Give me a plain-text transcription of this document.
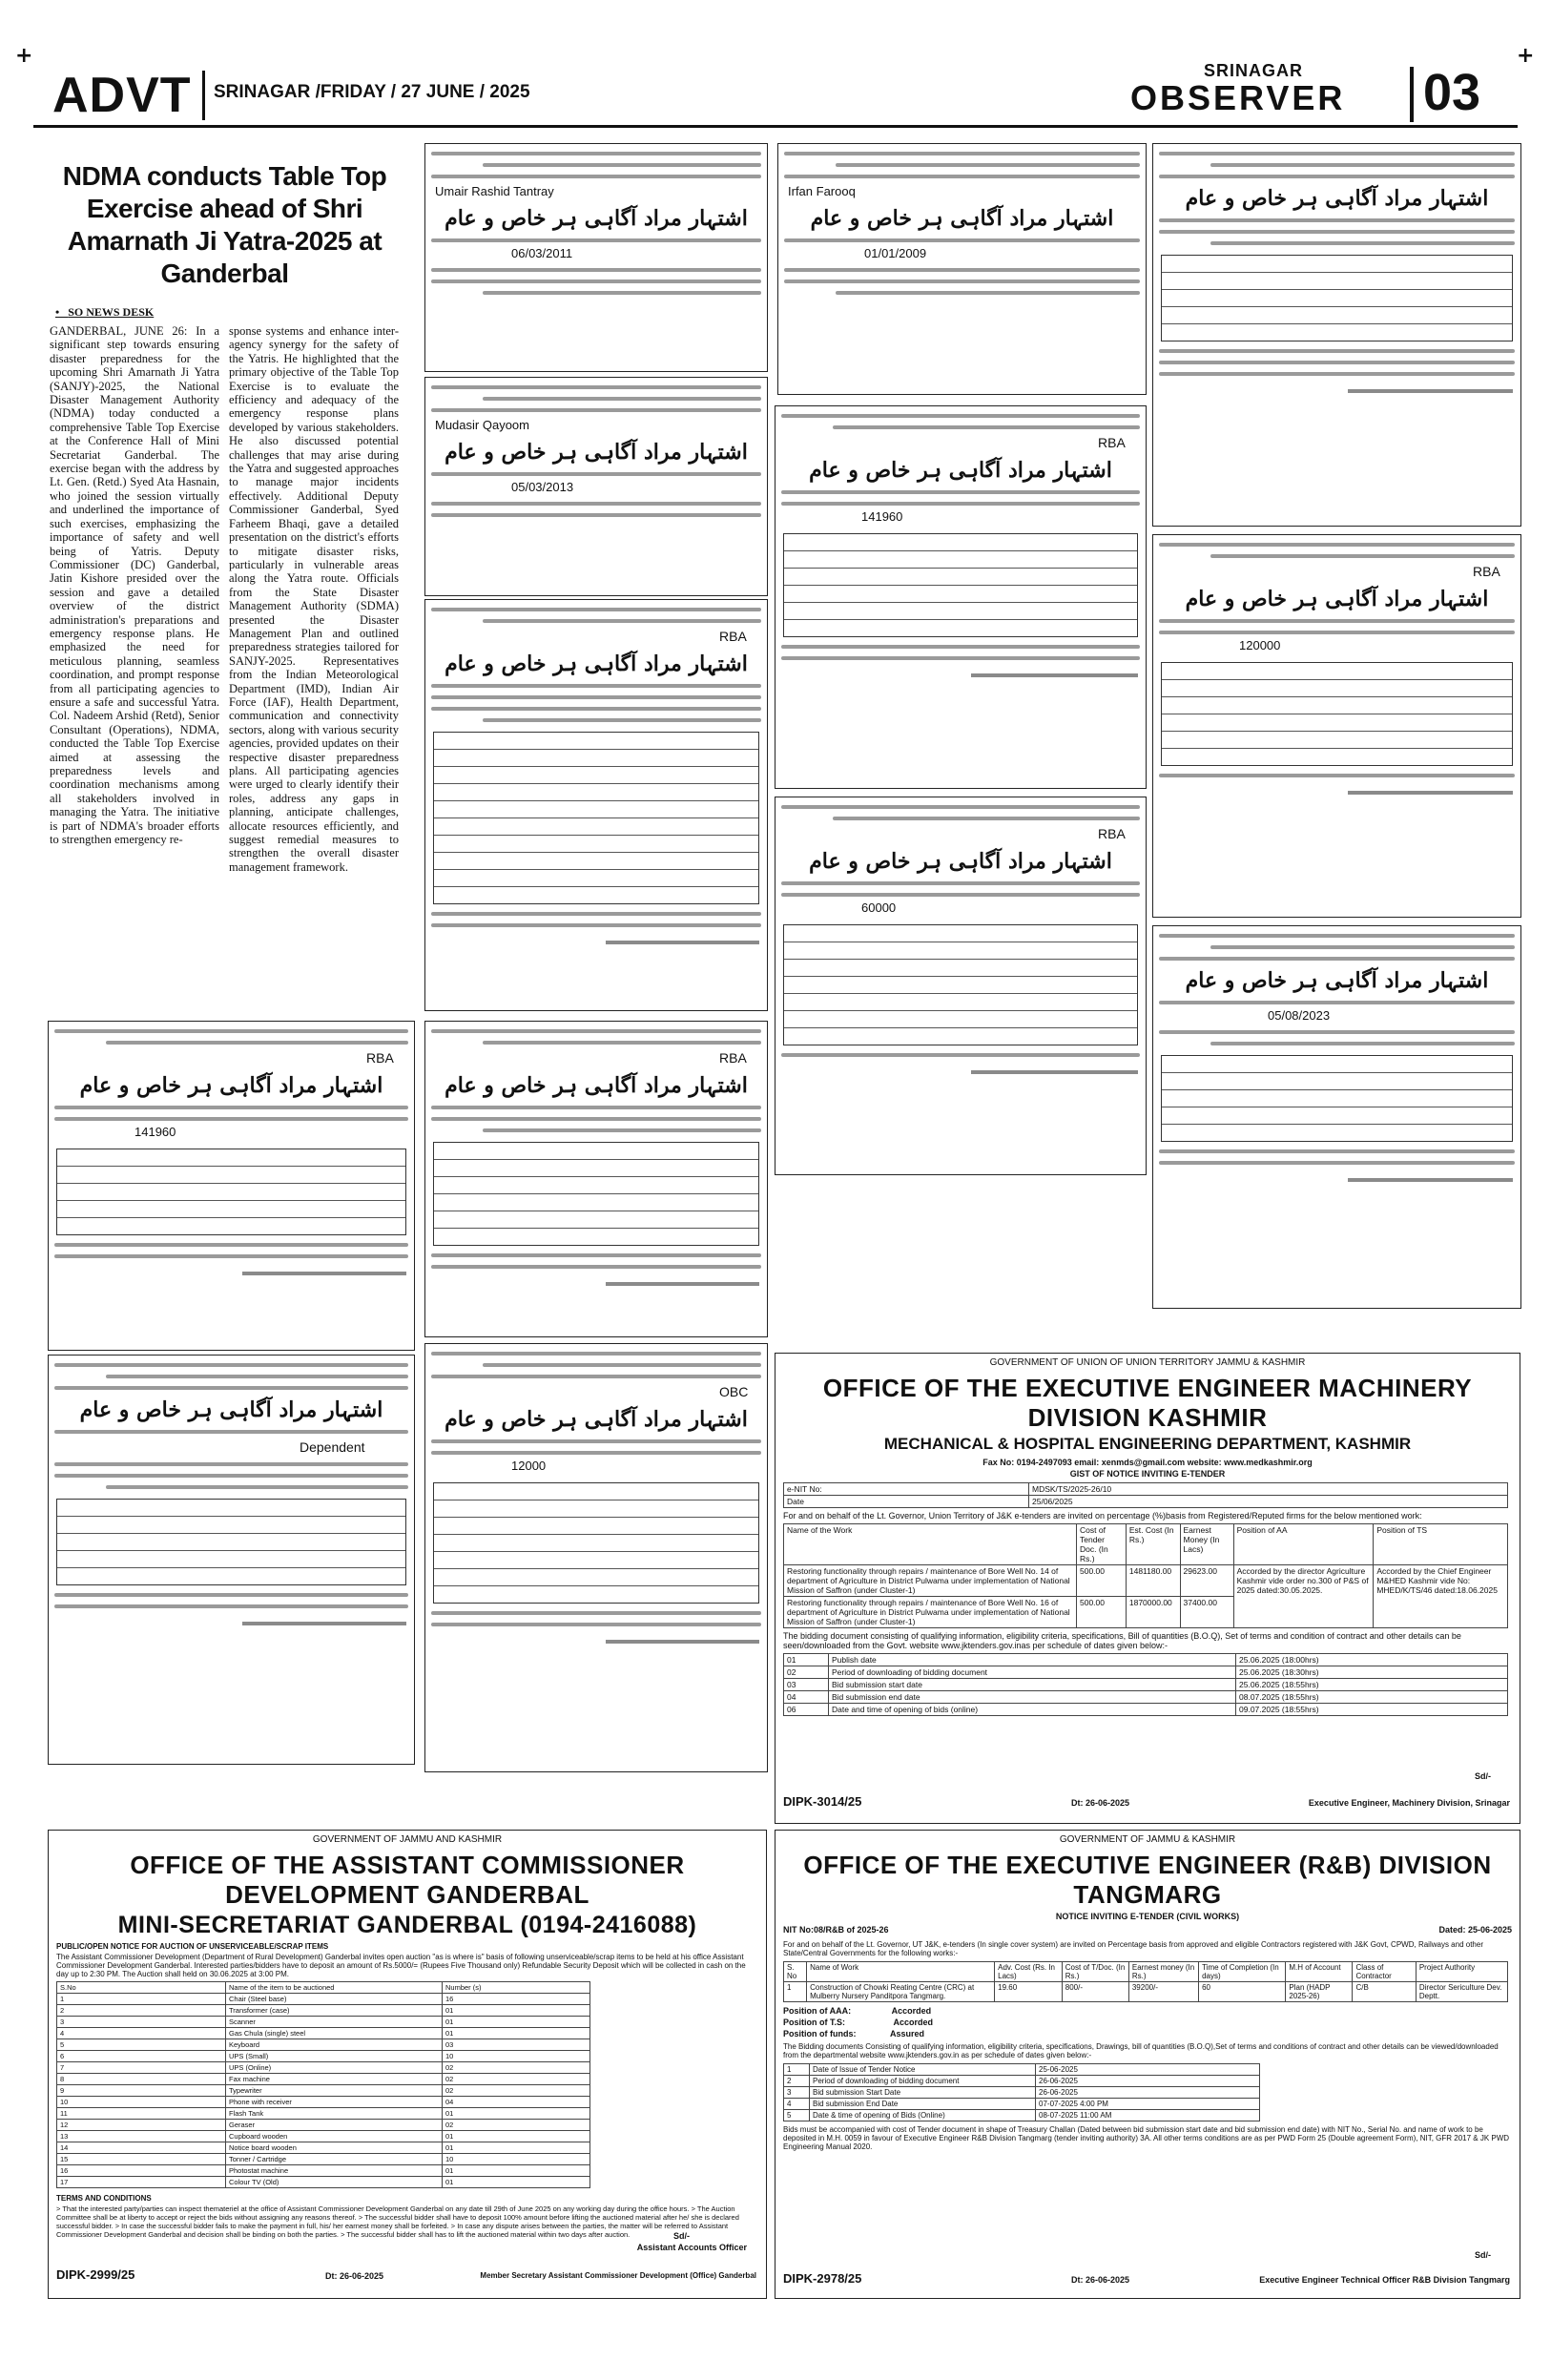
+	+
ADVT SRINAGAR /FRIDAY / 27 JUNE / 2025
SRINAGAR
OBSERVER 03
NDMA conducts Table Top Exercise ahead of Shri Amarnath Ji Yatra-2025 at Ganderbal
•   SO NEWS DESK
GANDERBAL, JUNE 26: In a significant step towards ensuring disaster preparedness for the upcoming Shri Amarnath Ji Yatra (SANJY)-2025, the National Disaster Management Authority (NDMA) today conducted a comprehensive Table Top Exercise at the Conference Hall of Mini Secretariat Ganderbal. The exercise began with the address by Lt. Gen. (Retd.) Syed Ata Hasnain, who joined the session virtually and underlined the importance of such exercises, emphasizing the importance of safety and well being of Yatris. Deputy Commissioner (DC) Ganderbal, Jatin Kishore presided over the session and gave a detailed overview of the district administration's preparations and emergency response plans. He emphasized the need for meticulous planning, seamless coordination, and prompt response from all participating agencies to ensure a safe and successful Yatra. Col. Nadeem Arshid (Retd), Senior Consultant (Operations), NDMA, conducted the Table Top Exercise aimed at assessing the preparedness levels and coordination mechanisms among all stakeholders involved in managing the Yatra. The initiative is part of NDMA's broader efforts to strengthen emergency re-
sponse systems and enhance inter-agency synergy for the safety of the Yatris. He highlighted that the primary objective of the Table Top Exercise is to evaluate the efficiency and adequacy of the emergency response plans developed by various stakeholders. He also discussed potential challenges that may arise during the Yatra and suggested approaches to manage major incidents effectively. Additional Deputy Commissioner Ganderbal, Syed Farheem Bhaqi, gave a detailed presentation on the district's efforts to mitigate disaster risks, particularly in vulnerable areas along the Yatra route. Officials from the State Disaster Management Authority (SDMA) presented the Disaster Management Plan and outlined preparedness strategies tailored for SANJY-2025. Representatives from the Indian Meteorological Department (IMD), Indian Air Force (IAF), Health Department, communication and connectivity sectors, along with various security agencies, provided updates on their respective disaster preparedness plans. All participating agencies were urged to clearly identify their roles, address any gaps in planning, anticipate challenges, allocate resources efficiently, and suggest remedial measures to strengthen the overall disaster management framework.
Umair Rashid Tantray
اشتہار مراد آگاہی ہر خاص و عام
06/03/2011
Mudasir Qayoom
اشتہار مراد آگاہی ہر خاص و عام
05/03/2013
RBA
اشتہار مراد آگاہی ہر خاص و عام
RBA
اشتہار مراد آگاہی ہر خاص و عام
RBA
اشتہار مراد آگاہی ہر خاص و عام
141960
اشتہار مراد آگاہی ہر خاص و عام
Dependent
OBC
اشتہار مراد آگاہی ہر خاص و عام
12000
Irfan Farooq
اشتہار مراد آگاہی ہر خاص و عام
01/01/2009
RBA
اشتہار مراد آگاہی ہر خاص و عام
141960
RBA
اشتہار مراد آگاہی ہر خاص و عام
60000
اشتہار مراد آگاہی ہر خاص و عام
RBA
اشتہار مراد آگاہی ہر خاص و عام
120000
اشتہار مراد آگاہی ہر خاص و عام
05/08/2023
GOVERNMENT OF UNION OF UNION TERRITORY JAMMU & KASHMIR
OFFICE OF THE EXECUTIVE ENGINEER MACHINERY DIVISION KASHMIR
MECHANICAL & HOSPITAL ENGINEERING DEPARTMENT, KASHMIR
Fax No: 0194-2497093 email: xenmds@gmail.com website: www.medkashmir.org
GIST OF NOTICE INVITING E-TENDER
e-NIT No:	MDSK/TS/2025-26/10
Date	25/06/2025
For and on behalf of the Lt. Governor, Union Territory of J&K e-tenders are invited on percentage (%)basis from Registered/Reputed firms for the below mentioned work:
Name of the Work	Cost of Tender Doc. (In Rs.)	Est. Cost (In Rs.)	Earnest Money (In Lacs)	Position of AA	Position of TS
Restoring functionality through repairs / maintenance of Bore Well No. 14 of department of Agriculture in District Pulwama under implementation of National Mission of Saffron (under Cluster-1)	500.00	1481180.00	29623.00	Accorded by the director Agriculture Kashmir vide order no.300 of P&S of 2025 dated:30.05.2025.	Accorded by the Chief Engineer M&HED Kashmir vide No: MHED/K/TS/46 dated:18.06.2025
Restoring functionality through repairs / maintenance of Bore Well No. 16 of department of Agriculture in District Pulwama under implementation of National Mission of Saffron (under Cluster-1)	500.00	1870000.00	37400.00		
The bidding document consisting of qualifying information, eligibility criteria, specifications, Bill of quantities (B.O.Q), Set of terms and condition of contract and other details can be seen/downloaded from the Govt. website www.jktenders.gov.inas per schedule of dates given below:-
01	Publish date	25.06.2025 (18:00hrs)
02	Period of downloading of bidding document	25.06.2025 (18:30hrs)
03	Bid submission start date	25.06.2025 (18:55hrs)
04	Bid submission end date	08.07.2025 (18:55hrs)
06	Date and time of opening of bids (online)	09.07.2025 (18:55hrs)
Sd/-
DIPK-3014/25	Dt: 26-06-2025	Executive Engineer, Machinery Division, Srinagar
GOVERNMENT OF JAMMU AND KASHMIR
OFFICE OF THE ASSISTANT COMMISSIONER DEVELOPMENT GANDERBAL
MINI-SECRETARIAT GANDERBAL (0194-2416088)
PUBLIC/OPEN NOTICE FOR AUCTION OF UNSERVICEABLE/SCRAP ITEMS
The Assistant Commissioner Development (Department of Rural Development) Ganderbal invites open auction "as is where is" basis of following unserviceable/scrap items to be held at his office Assistant Commissioner Development Ganderbal. Interested parties/bidders have to deposit an amount of Rs.5000/= (Rupees Five Thousand only) Refundable Security Deposit which will be collected in cash on the day up to 2:30 PM. The Auction shall held on 30.06.2025 at 3:00 PM.
S.No	Name of the item to be auctioned	Number (s)
1	Chair (Steel base)	16
2	Transformer (case)	01
3	Scanner	01
4	Gas Chula (single) steel	01
5	Keyboard	03
6	UPS (Small)	10
7	UPS (Online)	02
8	Fax machine	02
9	Typewriter	02
10	Phone with receiver	04
11	Flash Tank	01
12	Geraser	02
13	Cupboard wooden	01
14	Notice board wooden	01
15	Tonner / Cartridge	10
16	Photostat machine	01
17	Colour TV (Old)	01
TERMS AND CONDITIONS
> That the interested party/parties can inspect themateriel at the office of Assistant Commissioner Development Ganderbal on any date till 29th of June 2025 on any working day during the office hours. > The Auction Committee shall be at liberty to accept or reject the bids without assigning any reasons thereof. > The successful bidder shall have to deposit 100% amount before lifting the auctioned material after he/ she is declared successful bidder. > In case the successful bidder fails to make the payment in full, his/ her earnest money shall be forfeited. > In case any dispute arises between the parties, the matter will be referred to Assistant Commissioner Development Ganderbal and decision shall be binding on both the parties. > The successful bidder shall has to lift the auctioned material within two days after auction.	Sd/-
Assistant Accounts Officer
DIPK-2999/25	Dt: 26-06-2025	Member Secretary Assistant Commissioner Development (Office) Ganderbal
GOVERNMENT OF JAMMU & KASHMIR
OFFICE OF THE EXECUTIVE ENGINEER (R&B) DIVISION TANGMARG
NOTICE INVITING E-TENDER (CIVIL WORKS)
NIT No:08/R&B of 2025-26	Dated: 25-06-2025
For and on behalf of the Lt. Governor, UT J&K, e-tenders (In single cover system) are invited on Percentage basis from approved and eligible Contractors registered with J&K Govt, CPWD, Railways and other State/Central Governments for the following works:-
S. No	Name of Work	Adv. Cost (Rs. In Lacs)	Cost of T/Doc. (In Rs.)	Earnest money (In Rs.)	Time of Completion (In days)	M.H of Account	Class of Contractor	Project Authority
1	Construction of Chowki Reating Centre (CRC) at Mulberry Nursery Panditpora Tangmarg.	19.60	800/-	39200/-	60	Plan (HADP 2025-26)	C/B	Director Sericulture Dev. Deptt.
Position of AAA:	Accorded
Position of T.S:	Accorded
Position of funds:	Assured
The Bidding documents Consisting of qualifying information, eligibility criteria, specifications, Drawings, bill of quantities (B.O.Q),Set of terms and conditions of contract and other details can be viewed/downloaded from the departmental website www.jktenders.gov.in as per schedule of dates given below:-
1	Date of Issue of Tender Notice	25-06-2025
2	Period of downloading of bidding document	26-06-2025
3	Bid submission Start Date	26-06-2025
4	Bid submission End Date	07-07-2025 4:00 PM
5	Date & time of opening of Bids (Online)	08-07-2025 11:00 AM
Bids must be accompanied with cost of Tender document in shape of Treasury Challan (Dated between bid submission start date and bid submission end date) with NIT No., Serial No. and name of work to be deposited in M.H. 0059 in favour of Executive Engineer R&B Division Tangmarg (tender inviting authority) 3A. All other terms conditions are as per PWD Form 25 (Double agreement Form), NIT, GFR 2017 & JK PWD Engineering Manual 2020.
Sd/-
DIPK-2978/25	Dt: 26-06-2025	Executive Engineer Technical Officer R&B Division Tangmarg
